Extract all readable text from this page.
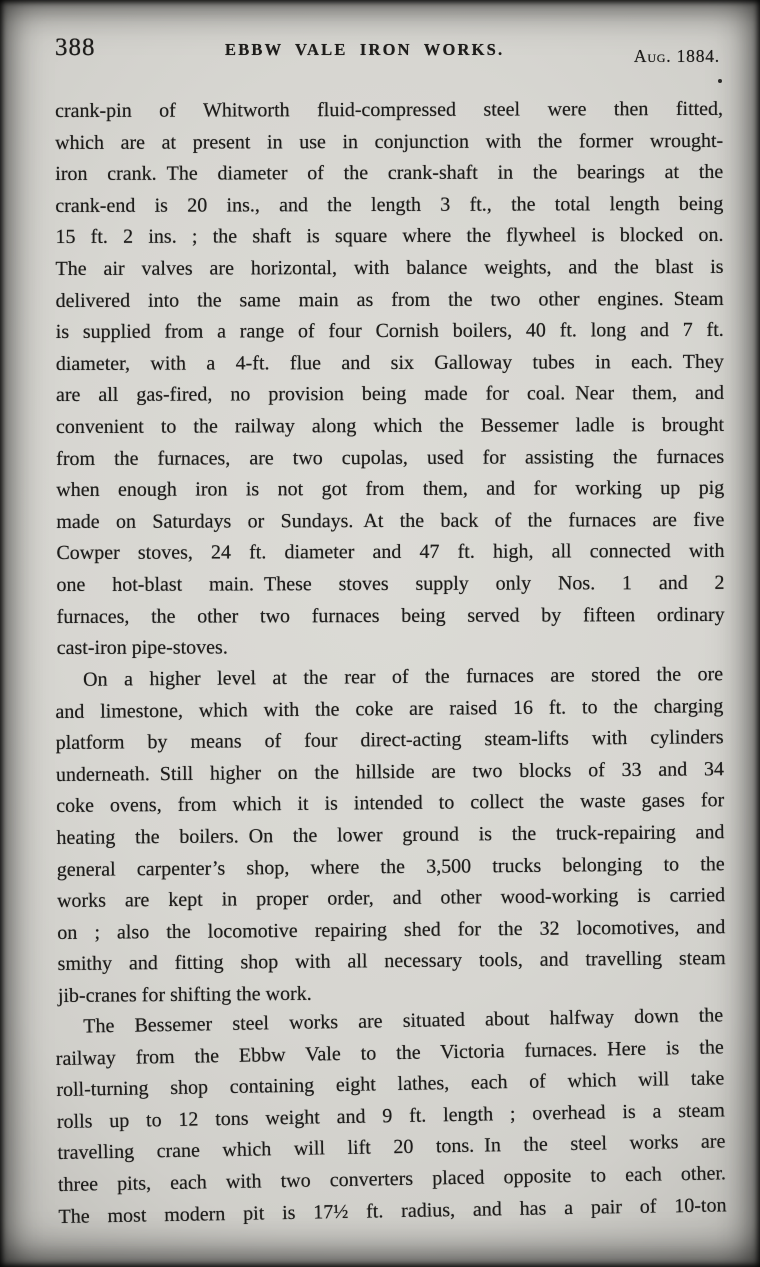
388	EBBW VALE IRON WORKS.	Aug. 1884.
crank-pin of Whitworth fluid-compressed steel were then fitted,
which are at present in use in conjunction with the former wrought-
iron crank. The diameter of the crank-shaft in the bearings at the
crank-end is 20 ins., and the length 3 ft., the total length being
15 ft. 2 ins. ; the shaft is square where the flywheel is blocked on.
The air valves are horizontal, with balance weights, and the blast is
delivered into the same main as from the two other engines. Steam
is supplied from a range of four Cornish boilers, 40 ft. long and 7 ft.
diameter, with a 4-ft. flue and six Galloway tubes in each. They
are all gas-fired, no provision being made for coal. Near them, and
convenient to the railway along which the Bessemer ladle is brought
from the furnaces, are two cupolas, used for assisting the furnaces
when enough iron is not got from them, and for working up pig
made on Saturdays or Sundays. At the back of the furnaces are five
Cowper stoves, 24 ft. diameter and 47 ft. high, all connected with
one hot-blast main. These stoves supply only Nos. 1 and 2
furnaces, the other two furnaces being served by fifteen ordinary
cast-iron pipe-stoves.
On a higher level at the rear of the furnaces are stored the ore
and limestone, which with the coke are raised 16 ft. to the charging
platform by means of four direct-acting steam-lifts with cylinders
underneath. Still higher on the hillside are two blocks of 33 and 34
coke ovens, from which it is intended to collect the waste gases for
heating the boilers. On the lower ground is the truck-repairing and
general carpenter’s shop, where the 3,500 trucks belonging to the
works are kept in proper order, and other wood-working is carried
on ; also the locomotive repairing shed for the 32 locomotives, and
smithy and fitting shop with all necessary tools, and travelling steam
jib-cranes for shifting the work.
The Bessemer steel works are situated about halfway down the
railway from the Ebbw Vale to the Victoria furnaces. Here is the
roll-turning shop containing eight lathes, each of which will take
rolls up to 12 tons weight and 9 ft. length ; overhead is a steam
travelling crane which will lift 20 tons. In the steel works are
three pits, each with two converters placed opposite to each other.
The most modern pit is 17½ ft. radius, and has a pair of 10-ton
